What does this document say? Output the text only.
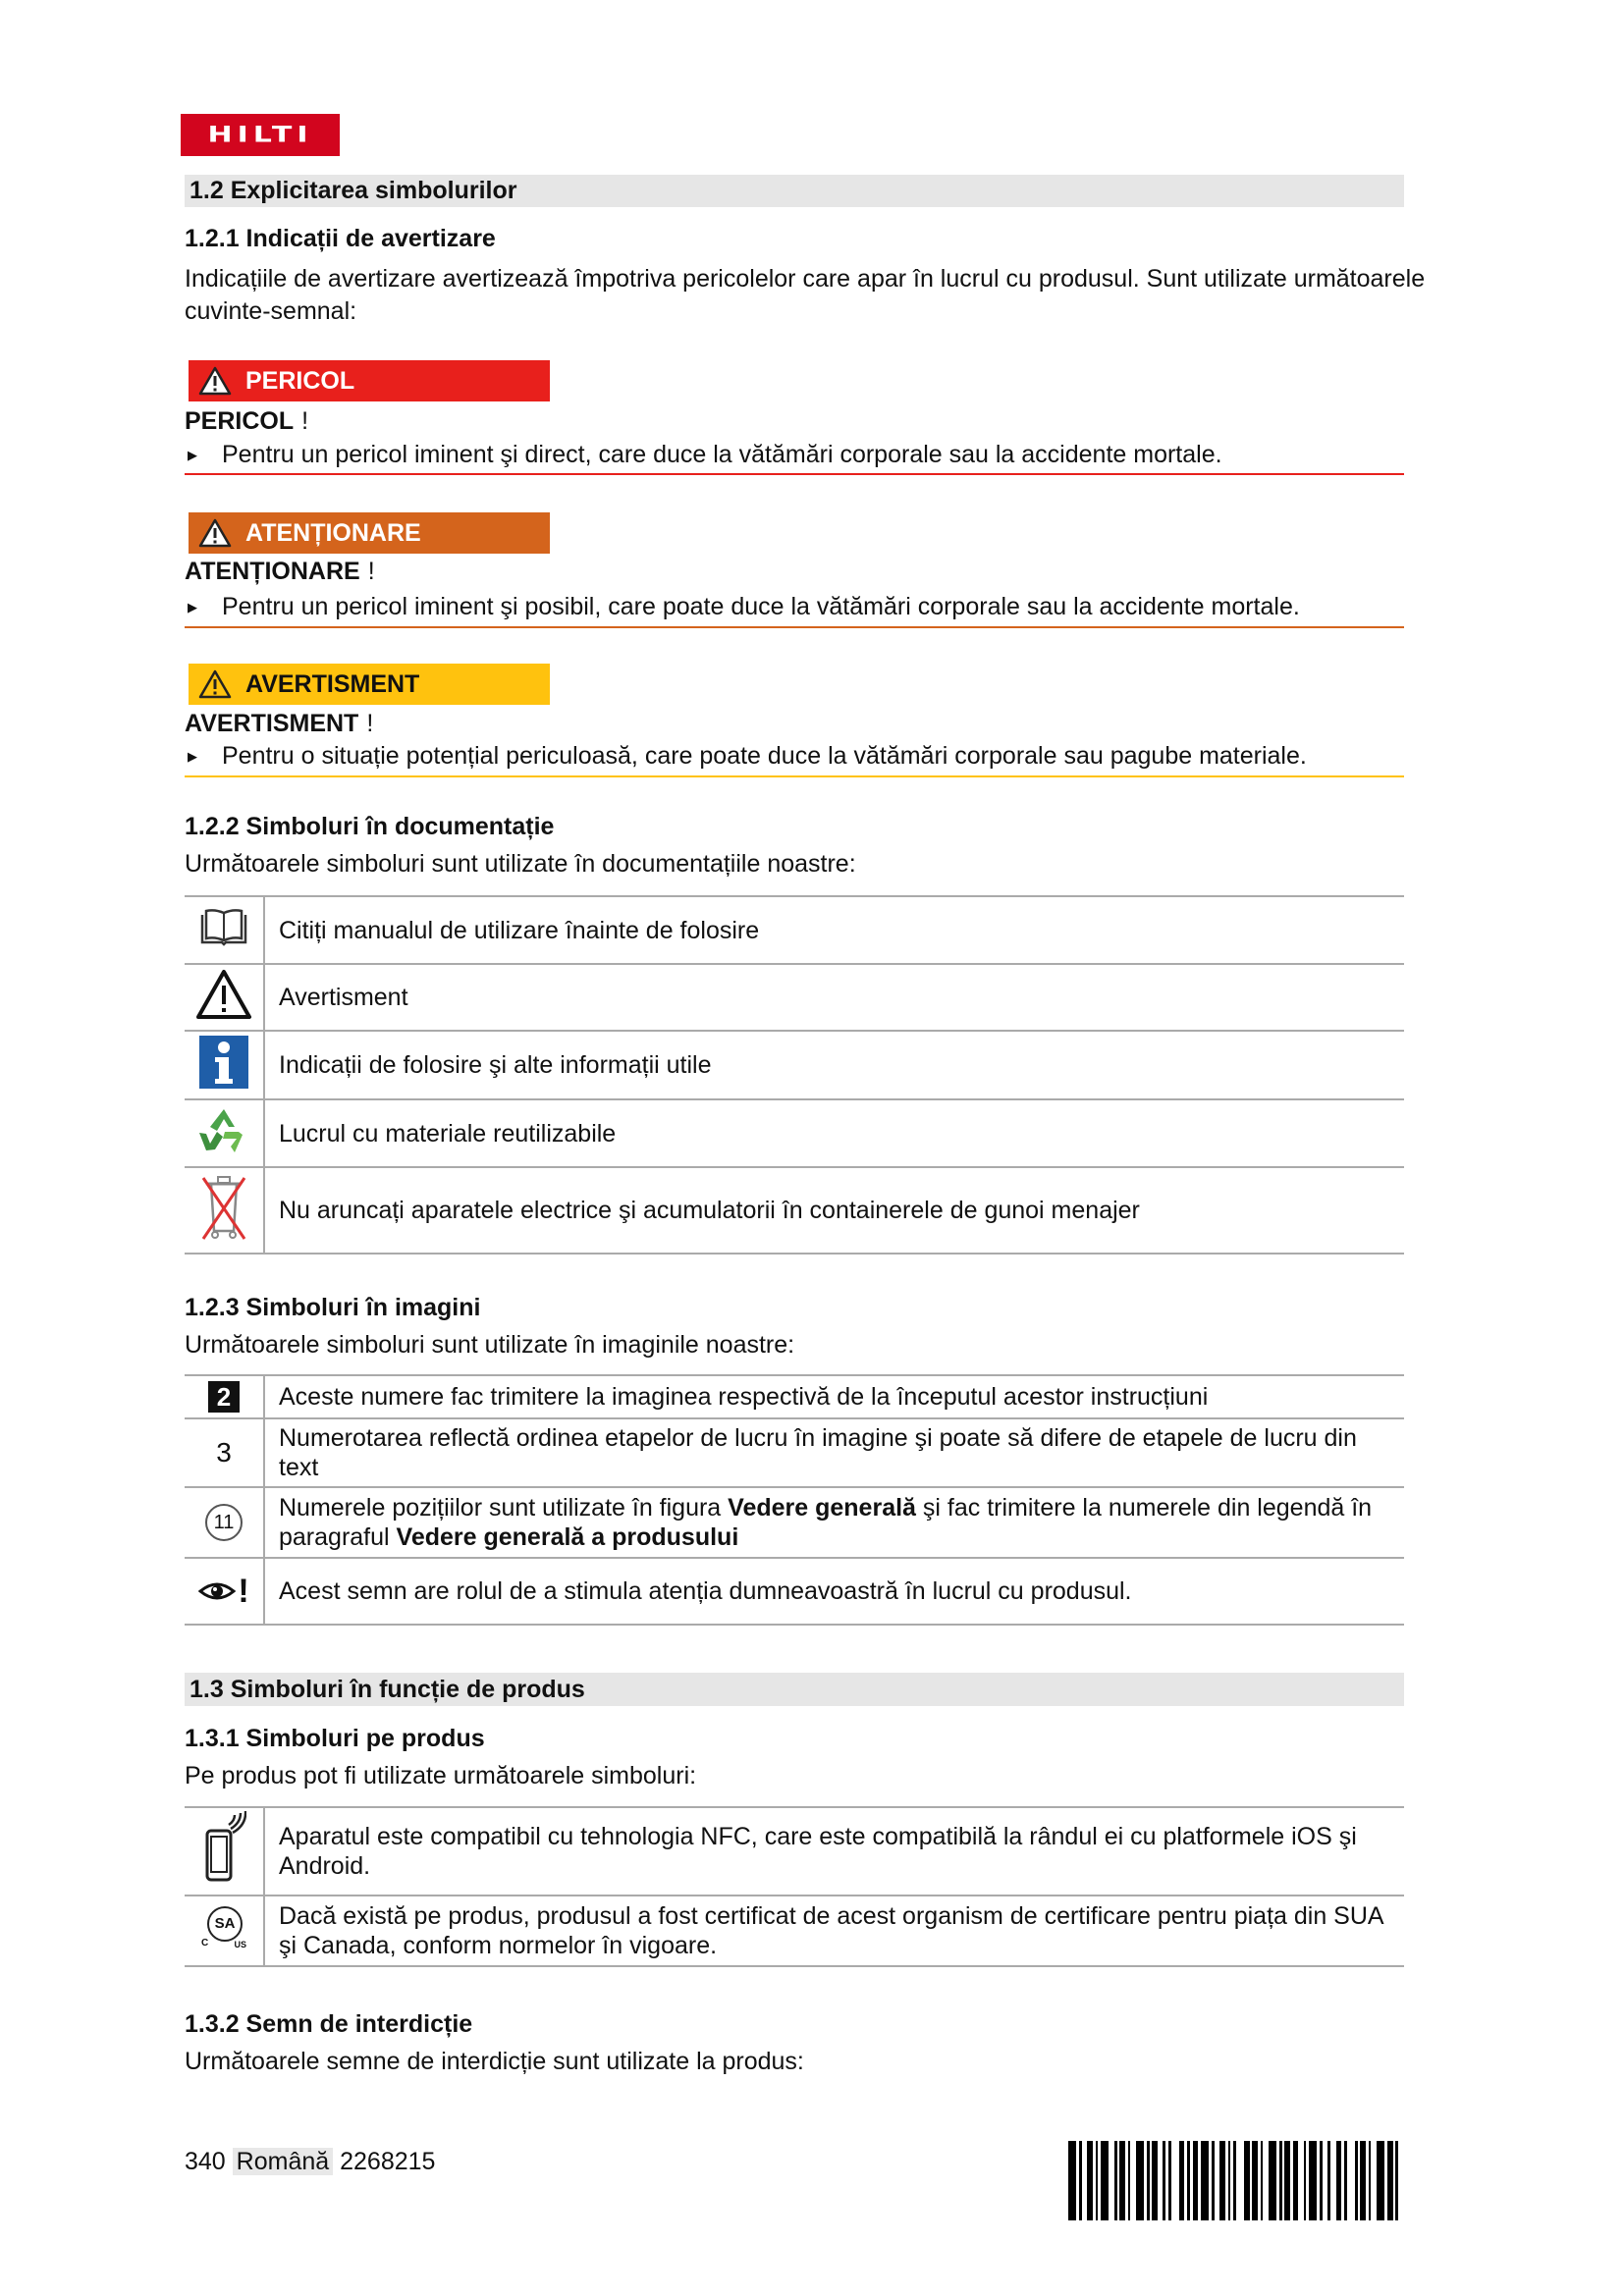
HILTI
1.2 Explicitarea simbolurilor
1.2.1 Indicații de avertizare
Indicațiile de avertizare avertizează împotriva pericolelor care apar în lucrul cu produsul. Sunt utilizate următoarele cuvinte-semnal:
PERICOL
PERICOL !
▶ Pentru un pericol iminent şi direct, care duce la vătămări corporale sau la accidente mortale.
ATENȚIONARE
ATENȚIONARE !
▶ Pentru un pericol iminent şi posibil, care poate duce la vătămări corporale sau la accidente mortale.
AVERTISMENT
AVERTISMENT !
▶ Pentru o situație potențial periculoasă, care poate duce la vătămări corporale sau pagube materiale.
1.2.2 Simboluri în documentație
Următoarele simboluri sunt utilizate în documentațiile noastre:
	Citiți manualul de utilizare înainte de folosire
	Avertisment
	Indicații de folosire şi alte informații utile
	Lucrul cu materiale reutilizabile
	Nu aruncați aparatele electrice şi acumulatorii în containerele de gunoi menajer
1.2.3 Simboluri în imagini
Următoarele simboluri sunt utilizate în imaginile noastre:
2	Aceste numere fac trimitere la imaginea respectivă de la începutul acestor instrucțiuni
3	Numerotarea reflectă ordinea etapelor de lucru în imagine şi poate să difere de etapele de lucru din text
11	Numerele pozițiilor sunt utilizate în figura Vedere generală şi fac trimitere la numerele din legendă în paragraful Vedere generală a produsului

!	Acest semn are rolul de a stimula atenția dumneavoastră în lucrul cu produsul.
1.3 Simboluri în funcție de produs
1.3.1 Simboluri pe produs
Pe produs pot fi utilizate următoarele simboluri:
	Aparatul este compatibil cu tehnologia NFC, care este compatibilă la rândul ei cu platformele iOS şi Android.

SA
C US	Dacă există pe produs, produsul a fost certificat de acest organism de certificare pentru piața din SUA şi Canada, conform normelor în vigoare.
1.3.2 Semn de interdicție
Următoarele semne de interdicție sunt utilizate la produs:
340 Română 2268215
